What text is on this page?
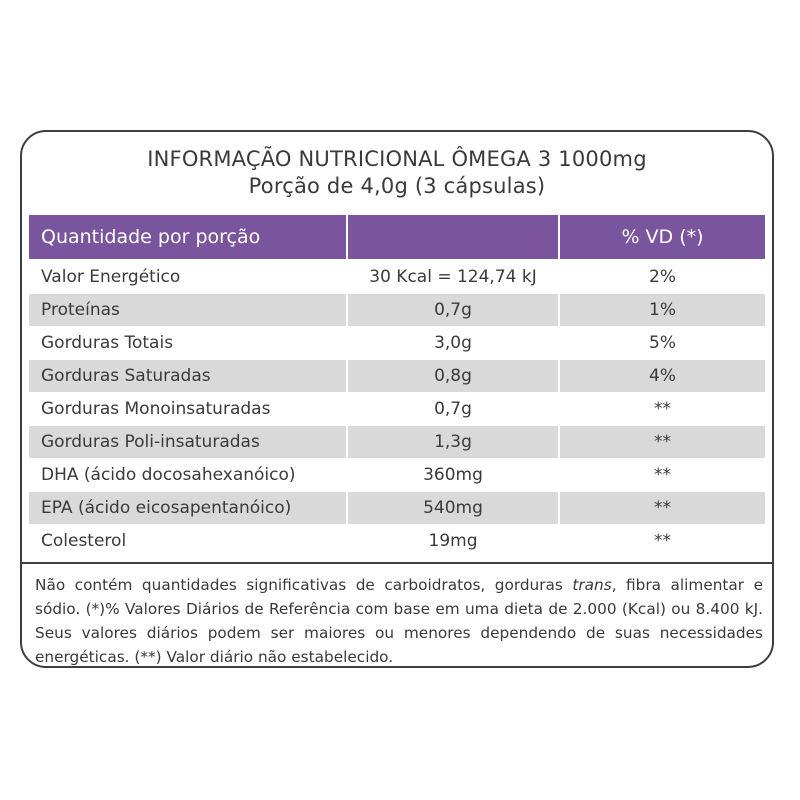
INFORMAÇÃO NUTRICIONAL ÔMEGA 3 1000mg
Porção de 4,0g (3 cápsulas)
Quantidade por porção		% VD (*)
Valor Energético	30 Kcal = 124,74 kJ	2%
Proteínas	0,7g	1%
Gorduras Totais	3,0g	5%
Gorduras Saturadas	0,8g	4%
Gorduras Monoinsaturadas	0,7g	**
Gorduras Poli-insaturadas	1,3g	**
DHA (ácido docosahexanóico)	360mg	**
EPA (ácido eicosapentanóico)	540mg	**
Colesterol	19mg	**
Não contém quantidades significativas de carboidratos, gorduras trans, fibra alimentar e sódio. (*)% Valores Diários de Referência com base em uma dieta de 2.000 (Kcal) ou 8.400 kJ. Seus valores diários podem ser maiores ou menores dependendo de suas necessidades energéticas. (**) Valor diário não estabelecido.
